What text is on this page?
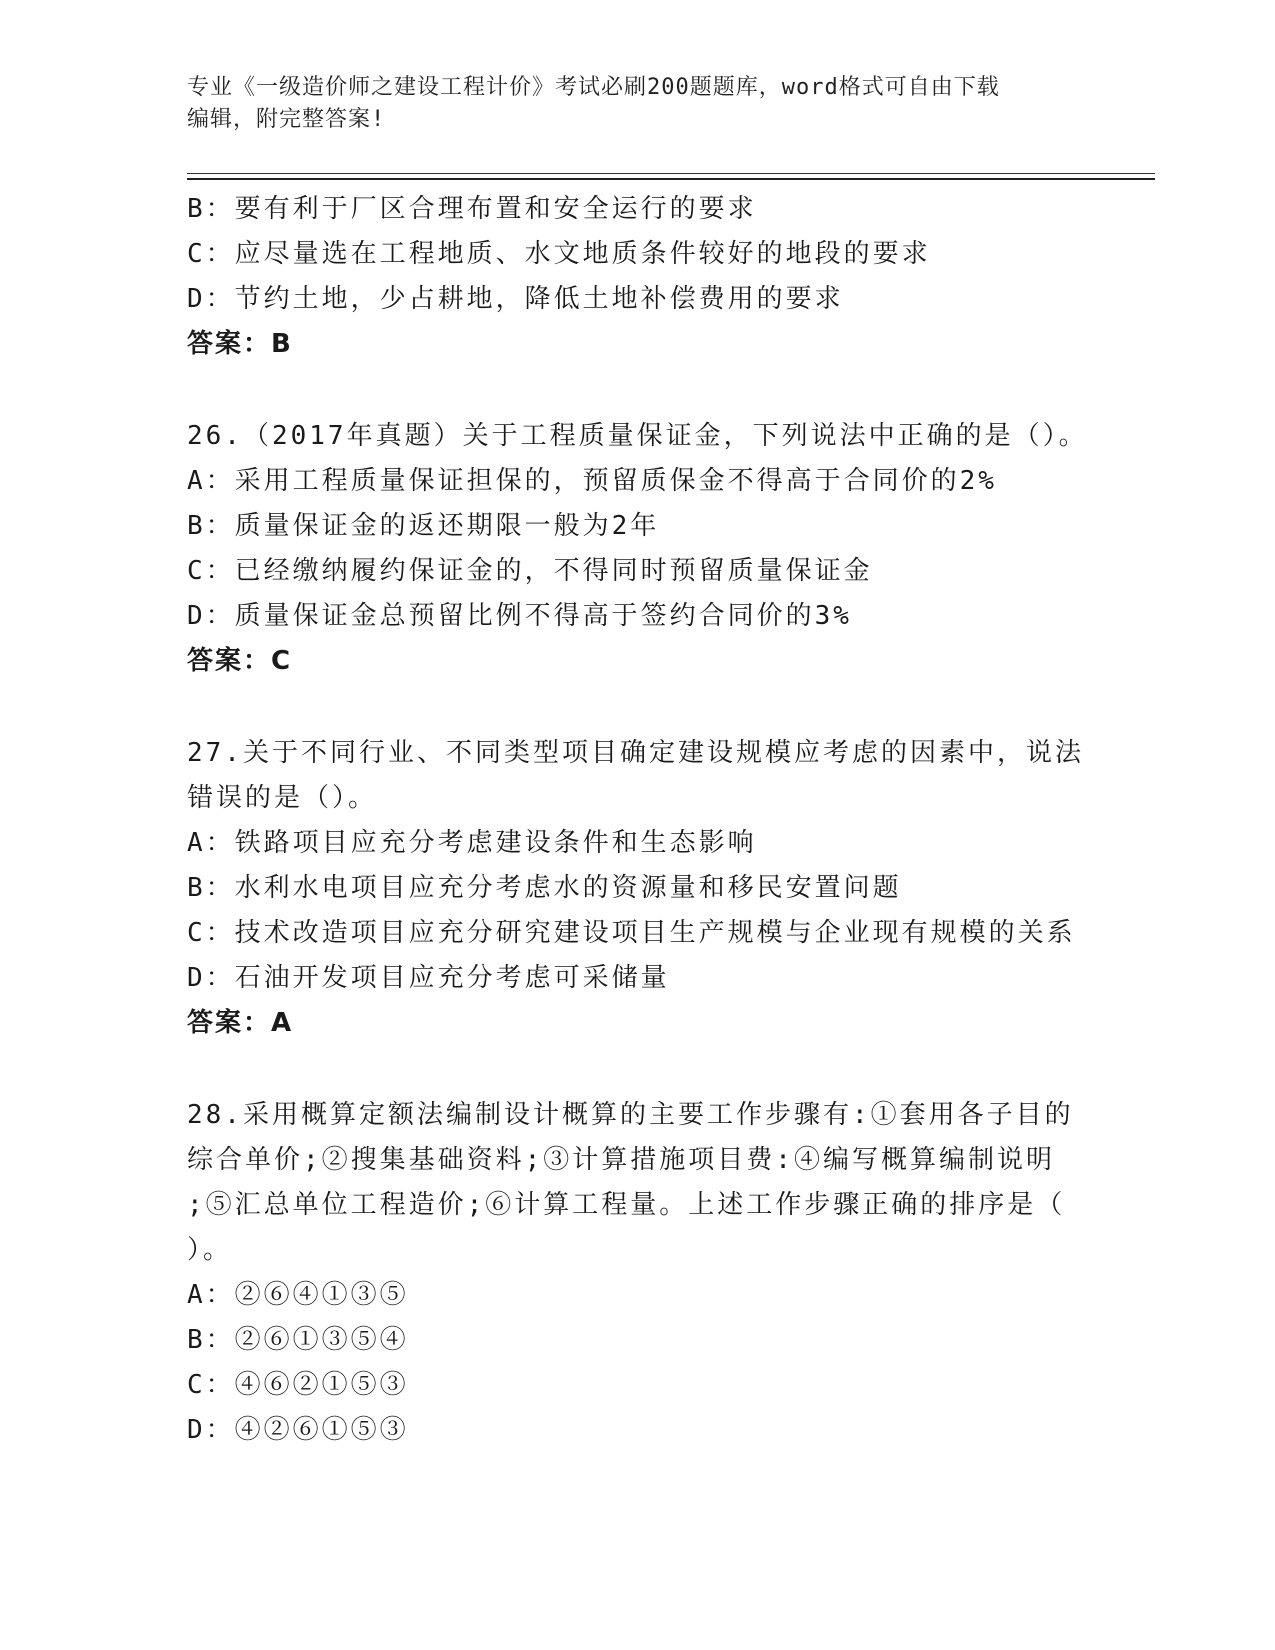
专业《一级造价师之建设工程计价》考试必刷200题题库，word格式可自由下载
编辑，附完整答案!
B：要有利于厂区合理布置和安全运行的要求
C：应尽量选在工程地质、水文地质条件较好的地段的要求
D：节约土地，少占耕地，降低土地补偿费用的要求
答案：B
26.（2017年真题）关于工程质量保证金，下列说法中正确的是（）。
A：采用工程质量保证担保的，预留质保金不得高于合同价的2%
B：质量保证金的返还期限一般为2年
C：已经缴纳履约保证金的，不得同时预留质量保证金
D：质量保证金总预留比例不得高于签约合同价的3%
答案：C
27.关于不同行业、不同类型项目确定建设规模应考虑的因素中，说法
错误的是（）。
A：铁路项目应充分考虑建设条件和生态影响
B：水利水电项目应充分考虑水的资源量和移民安置问题
C：技术改造项目应充分研究建设项目生产规模与企业现有规模的关系
D：石油开发项目应充分考虑可采储量
答案：A
28.采用概算定额法编制设计概算的主要工作步骤有:①套用各子目的
综合单价;②搜集基础资料;③计算措施项目费:④编写概算编制说明
;⑤汇总单位工程造价;⑥计算工程量。上述工作步骤正确的排序是（
）。
A：②⑥④①③⑤
B：②⑥①③⑤④
C：④⑥②①⑤③
D：④②⑥①⑤③
